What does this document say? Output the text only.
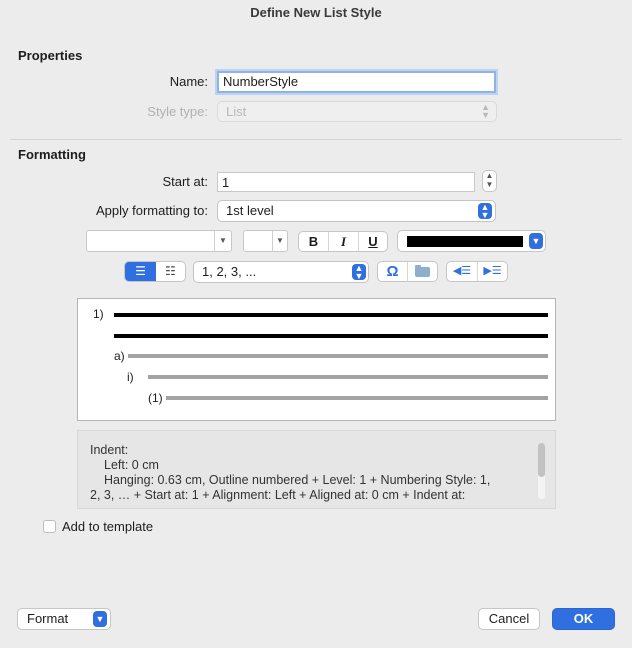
Define New List Style
Properties
Name:	NumberStyle
Style type:	List	▲
▼
Formatting
Start at:	1	▲
▼
Apply formatting to:	1st level	▲
▼
▼	▼	B	I	U	▼
☰	☷	1, 2, 3, ...	▲
▼	Ω	◀☰	▶☰
1)
a)
i)
(1)
Indent:
Left: 0 cm
Hanging: 0.63 cm, Outline numbered + Level: 1 + Numbering Style: 1,
2, 3, … + Start at: 1 + Alignment: Left + Aligned at: 0 cm + Indent at:
Add to template
Format	▼	Cancel	OK
